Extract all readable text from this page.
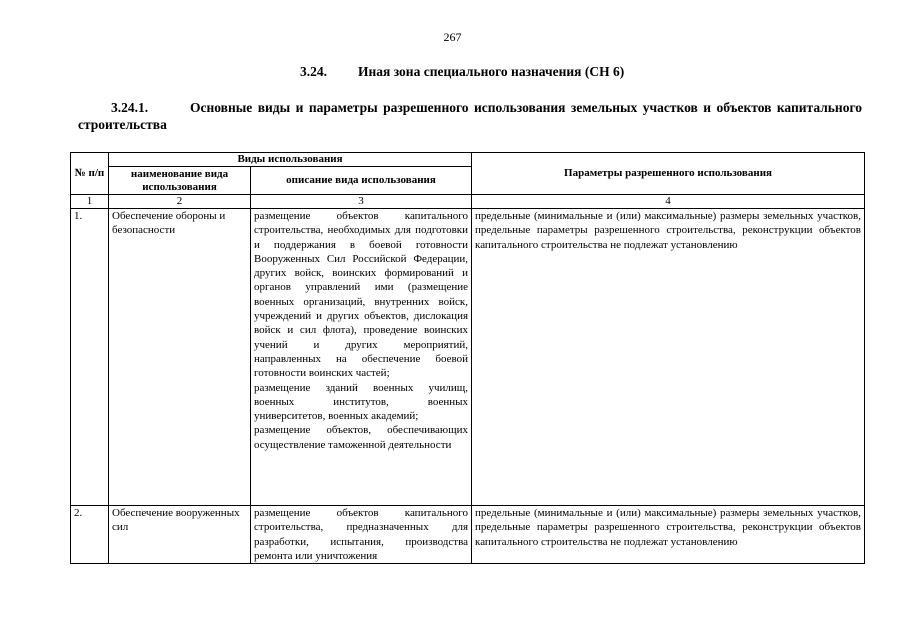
267
3.24. Иная зона специального назначения (СН 6)
3.24.1.	Основные виды и параметры разрешенного использования земельных участков и объектов капитального строительства
№ п/п	Виды использования		Параметры разрешенного использования
	наименование вида использования	описание вида использования	
1	2	3	4
1.	Обеспечение обороны и безопасности	размещение объектов капитального строительства, необходимых для подготовки и поддержания в боевой готовности Вооруженных Сил Российской Федерации, других войск, воинских формирований и органов управлений ими (размещение военных организаций, внутренних войск, учреждений и других объектов, дислокация войск и сил флота), проведение воинских учений и других мероприятий, направленных на обеспечение боевой готовности воинских частей;
размещение зданий военных училищ, военных институтов, военных университетов, военных академий;
размещение объектов, обеспечивающих осуществление таможенной деятельности	предельные (минимальные и (или) максимальные) размеры земельных участков, предельные параметры разрешенного строительства, реконструкции объектов капитального строительства не подлежат установлению
2.	Обеспечение вооруженных сил	размещение объектов капитального строительства, предназначенных для разработки, испытания, производства ремонта или уничтожения	предельные (минимальные и (или) максимальные) размеры земельных участков, предельные параметры разрешенного строительства, реконструкции объектов капитального строительства не подлежат установлению
